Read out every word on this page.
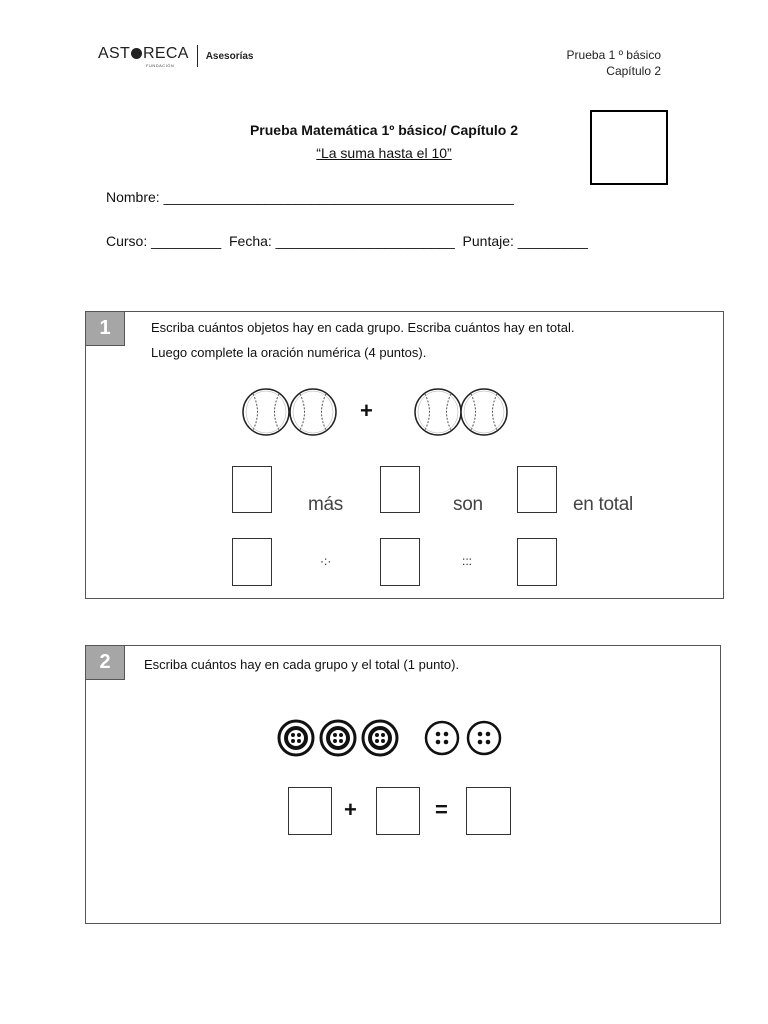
AST RECA
FUNDACIÓN
Asesorías	Prueba 1 º básico
Capítulo 2
Prueba Matemática 1º básico/ Capítulo 2
“La suma hasta el 10”
Nombre: _____________________________________________
Curso: _________  Fecha: _______________________  Puntaje: _________
1	Escriba cuántos objetos hay en cada grupo. Escriba cuántos hay en total.
Luego complete la oración numérica (4 puntos).
+
más	son	en total
·:·	:::
2	Escriba cuántos hay en cada grupo y el total (1 punto).
+	=
